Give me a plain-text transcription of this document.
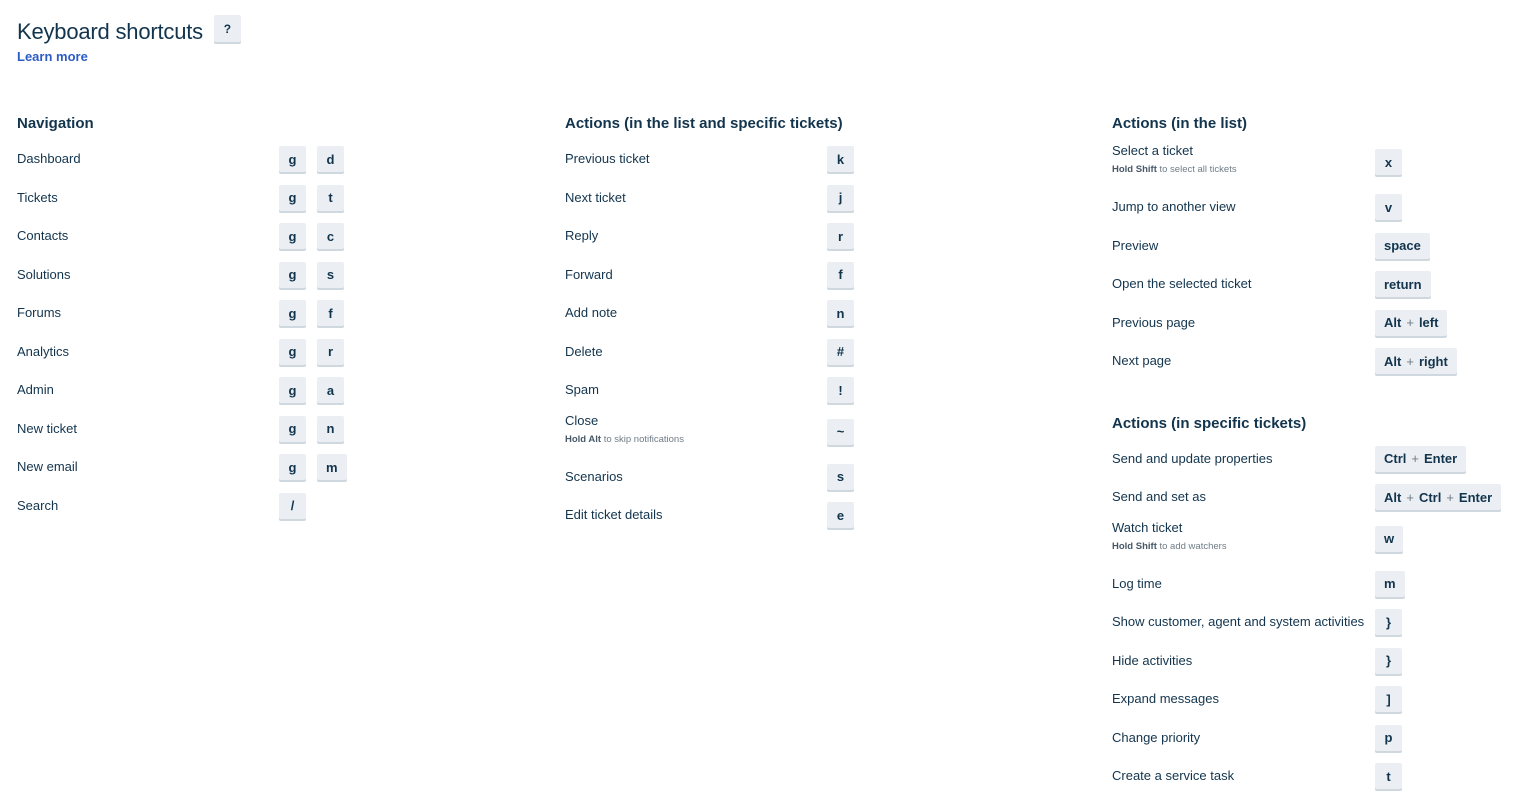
Keyboard shortcuts	?
Learn more
Navigation
Dashboard	g	d
Tickets	g	t
Contacts	g	c
Solutions	g	s
Forums	g	f
Analytics	g	r
Admin	g	a
New ticket	g	n
New email	g	m
Search	/
Actions (in the list and specific tickets)
Previous ticket	k
Next ticket	j
Reply	r
Forward	f
Add note	n
Delete	#
Spam	!
Close
Hold Alt to skip notifications	~
Scenarios	s
Edit ticket details	e
Actions (in the list)
Select a ticket
Hold Shift to select all tickets	x
Jump to another view	v
Preview	space
Open the selected ticket	return
Previous page	Alt + left
Next page	Alt + right
Actions (in specific tickets)
Send and update properties	Ctrl + Enter
Send and set as	Alt + Ctrl + Enter
Watch ticket
Hold Shift to add watchers	w
Log time	m
Show customer, agent and system activities	}
Hide activities	}
Expand messages	]
Change priority	p
Create a service task	t
